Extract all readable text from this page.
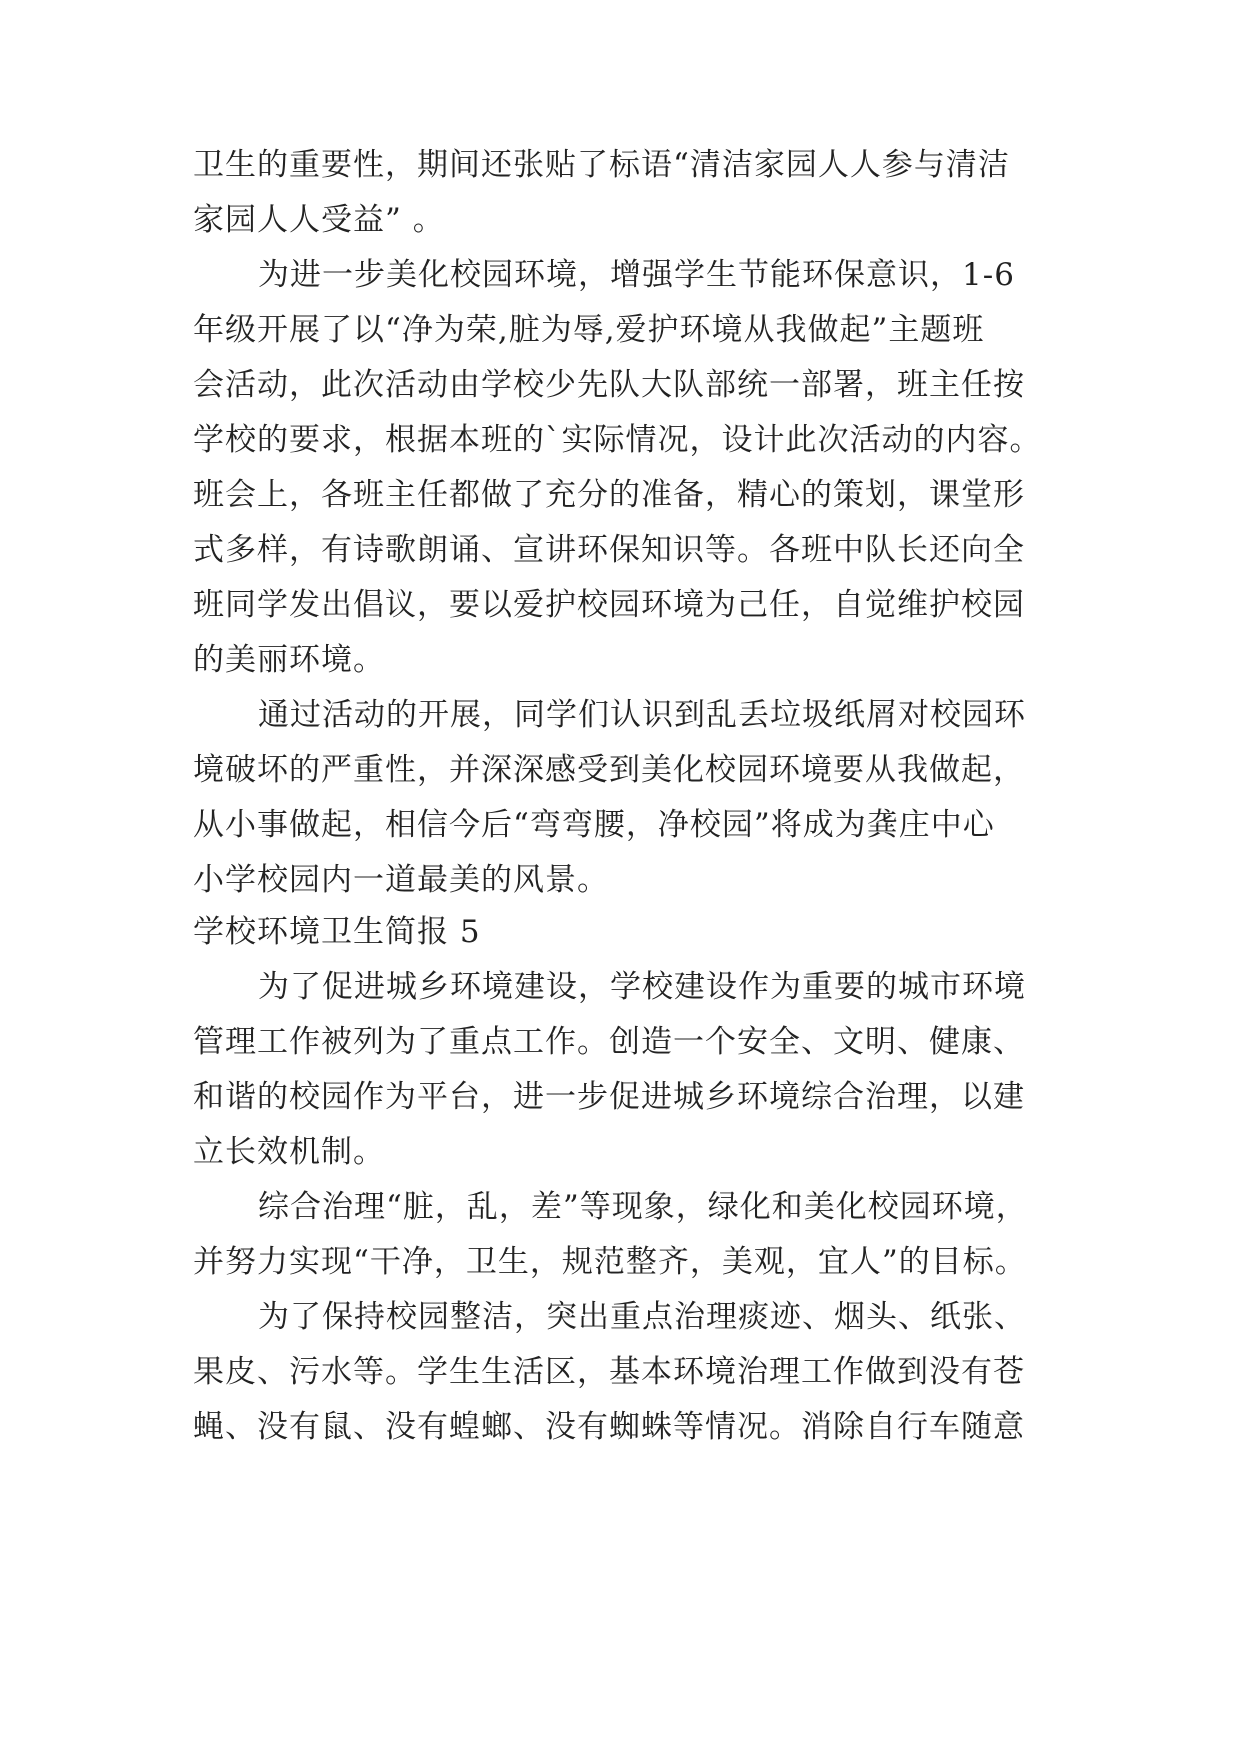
卫生的重要性，期间还张贴了标语“清洁家园人人参与清洁
家园人人受益” 。
为进一步美化校园环境，增强学生节能环保意识，1-6
年级开展了以“净为荣,脏为辱,爱护环境从我做起”主题班
会活动，此次活动由学校少先队大队部统一部署，班主任按
学校的要求，根据本班的`实际情况，设计此次活动的内容。
班会上，各班主任都做了充分的准备，精心的策划，课堂形
式多样，有诗歌朗诵、宣讲环保知识等。各班中队长还向全
班同学发出倡议，要以爱护校园环境为己任，自觉维护校园
的美丽环境。
通过活动的开展，同学们认识到乱丢垃圾纸屑对校园环
境破坏的严重性，并深深感受到美化校园环境要从我做起，
从小事做起，相信今后“弯弯腰，净校园”将成为龚庄中心
小学校园内一道最美的风景。
学校环境卫生简报 5
为了促进城乡环境建设，学校建设作为重要的城市环境
管理工作被列为了重点工作。创造一个安全、文明、健康、
和谐的校园作为平台，进一步促进城乡环境综合治理，以建
立长效机制。
综合治理“脏，乱，差”等现象，绿化和美化校园环境，
并努力实现“干净，卫生，规范整齐，美观，宜人”的目标。
为了保持校园整洁，突出重点治理痰迹、烟头、纸张、
果皮、污水等。学生生活区，基本环境治理工作做到没有苍
蝇、没有鼠、没有蝗螂、没有蜘蛛等情况。消除自行车随意
